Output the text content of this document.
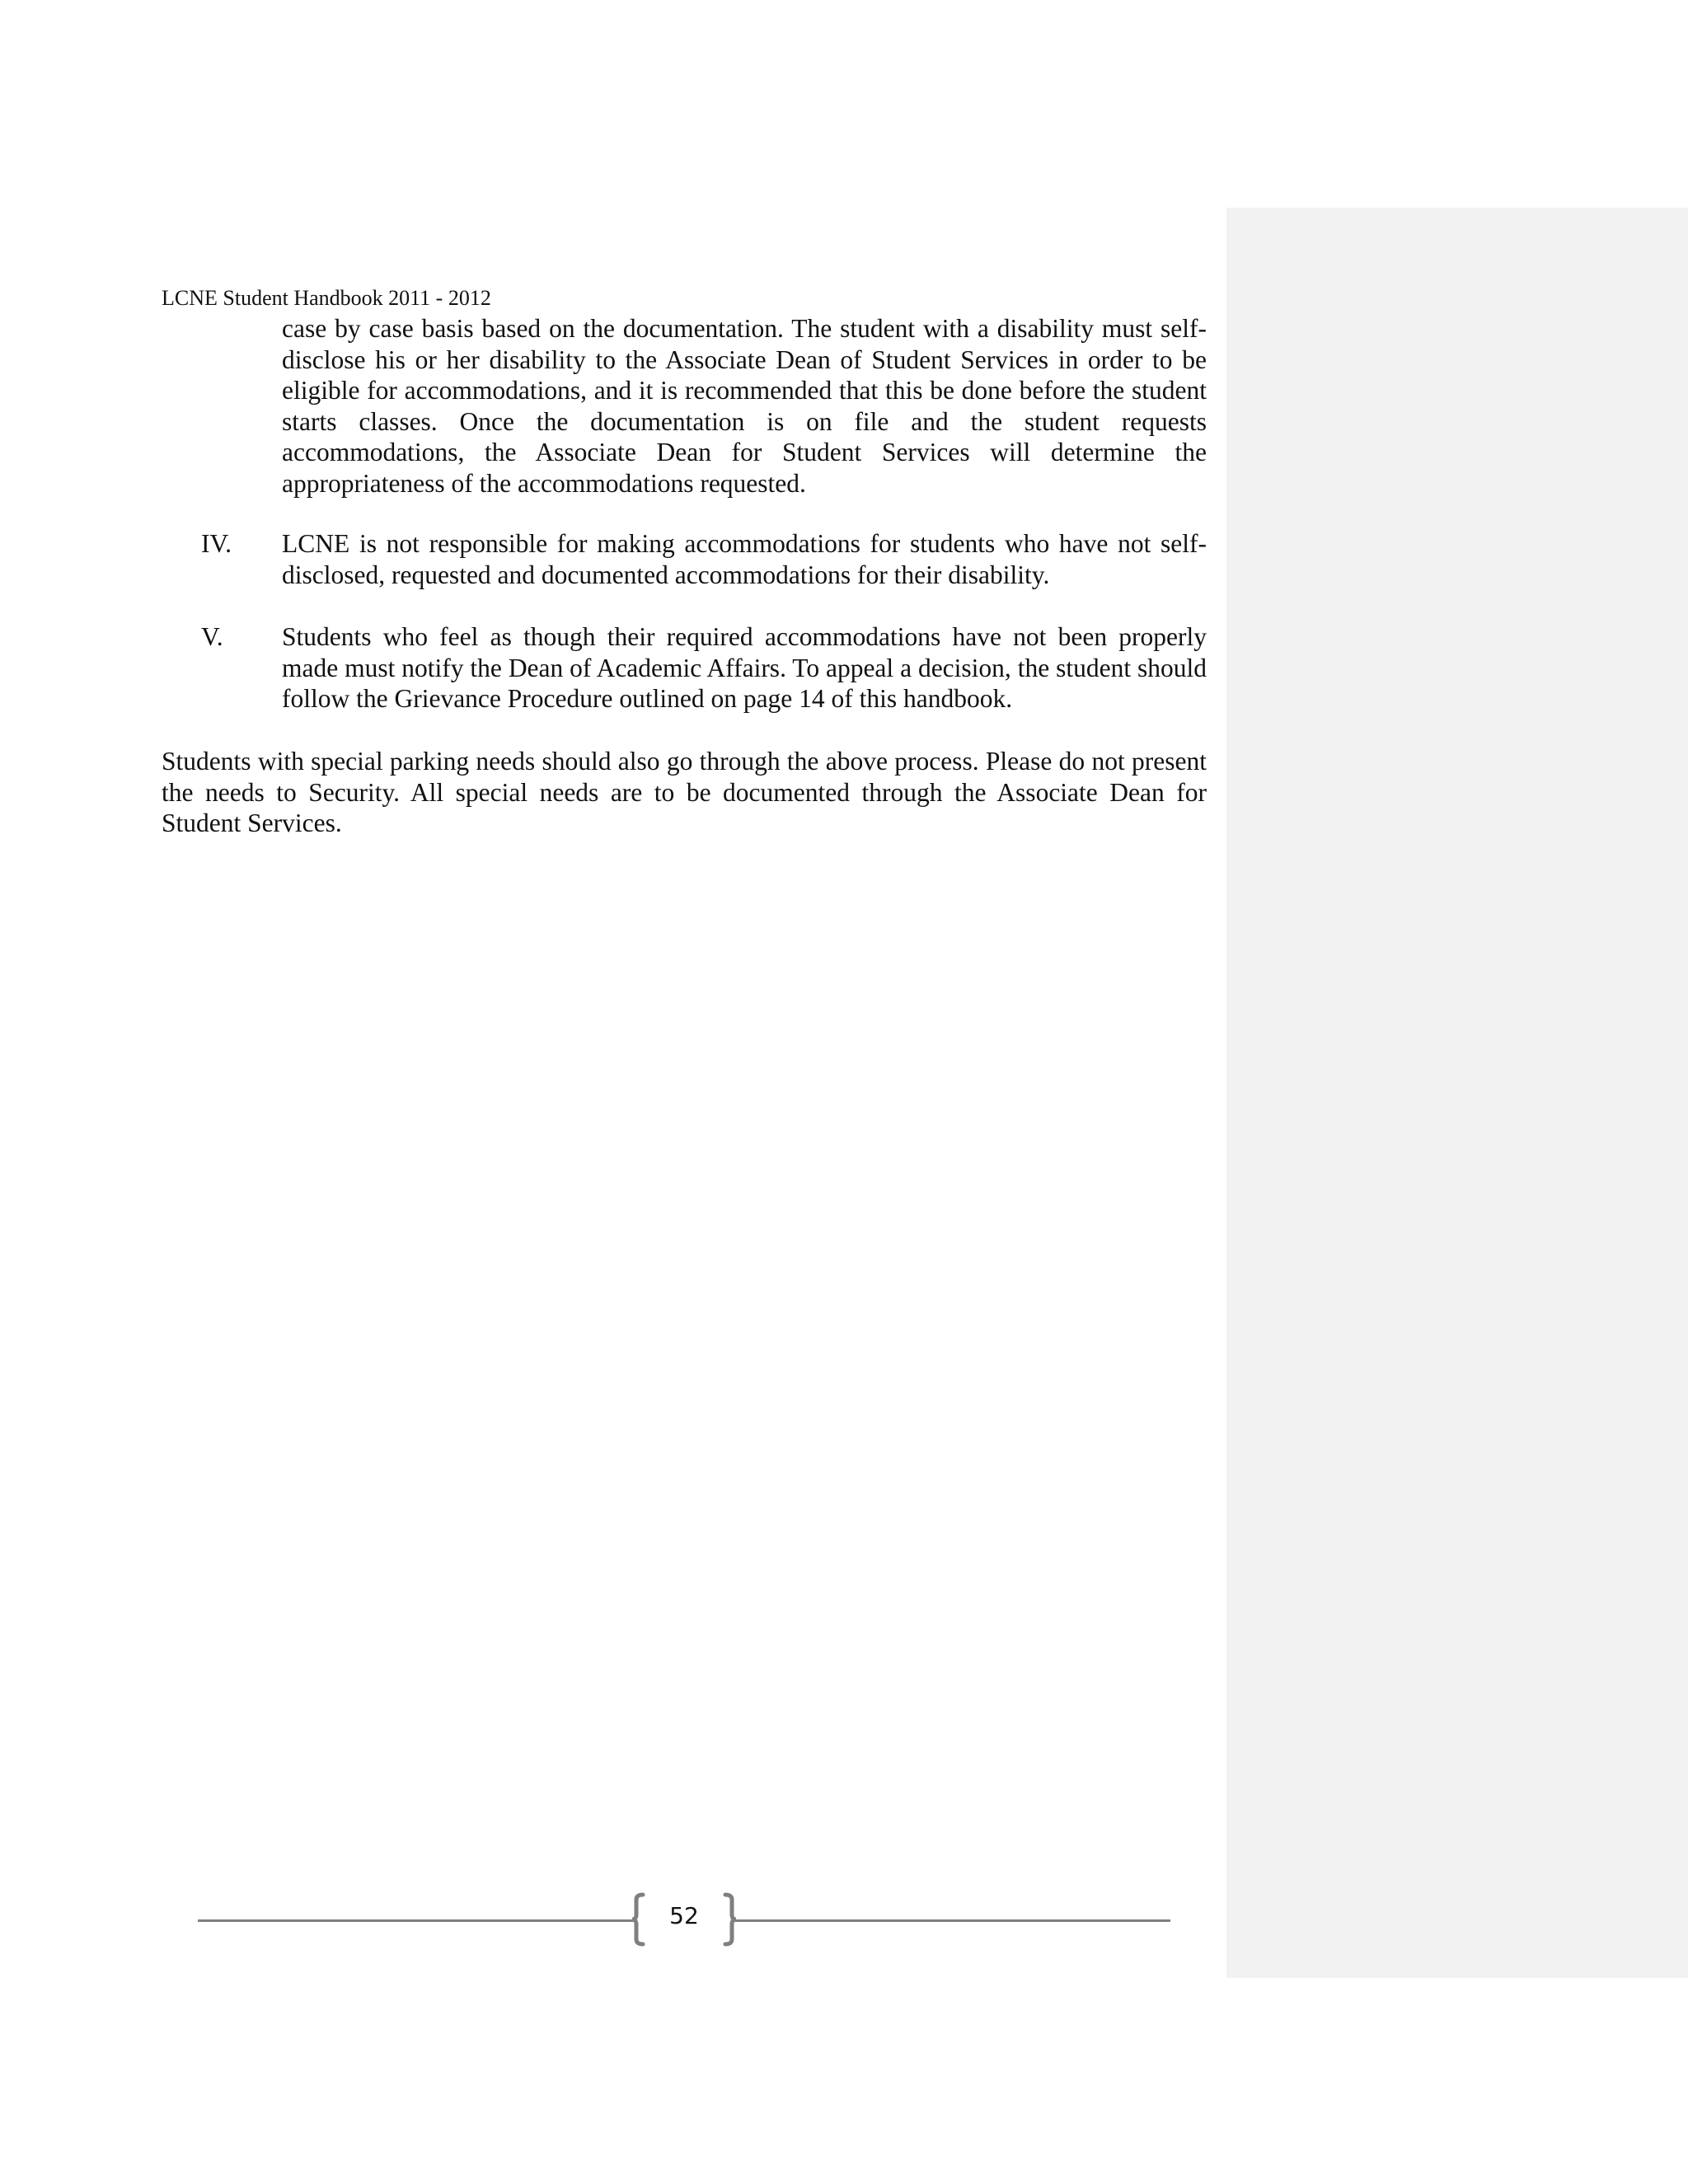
LCNE Student Handbook 2011 - 2012

case by case basis based on the documentation. The student with a disability must self-disclose his or her disability to the Associate Dean of Student Services in order to be eligible for accommodations, and it is recommended that this be done before the student starts classes. Once the documentation is on file and the student requests accommodations, the Associate Dean for Student Services will determine the appropriateness of the accommodations requested.

IV. LCNE is not responsible for making accommodations for students who have not self-disclosed, requested and documented accommodations for their disability.

V. Students who feel as though their required accommodations have not been properly made must notify the Dean of Academic Affairs. To appeal a decision, the student should follow the Grievance Procedure outlined on page 14 of this handbook.

Students with special parking needs should also go through the above process. Please do not present the needs to Security. All special needs are to be documented through the Associate Dean for Student Services.

52
